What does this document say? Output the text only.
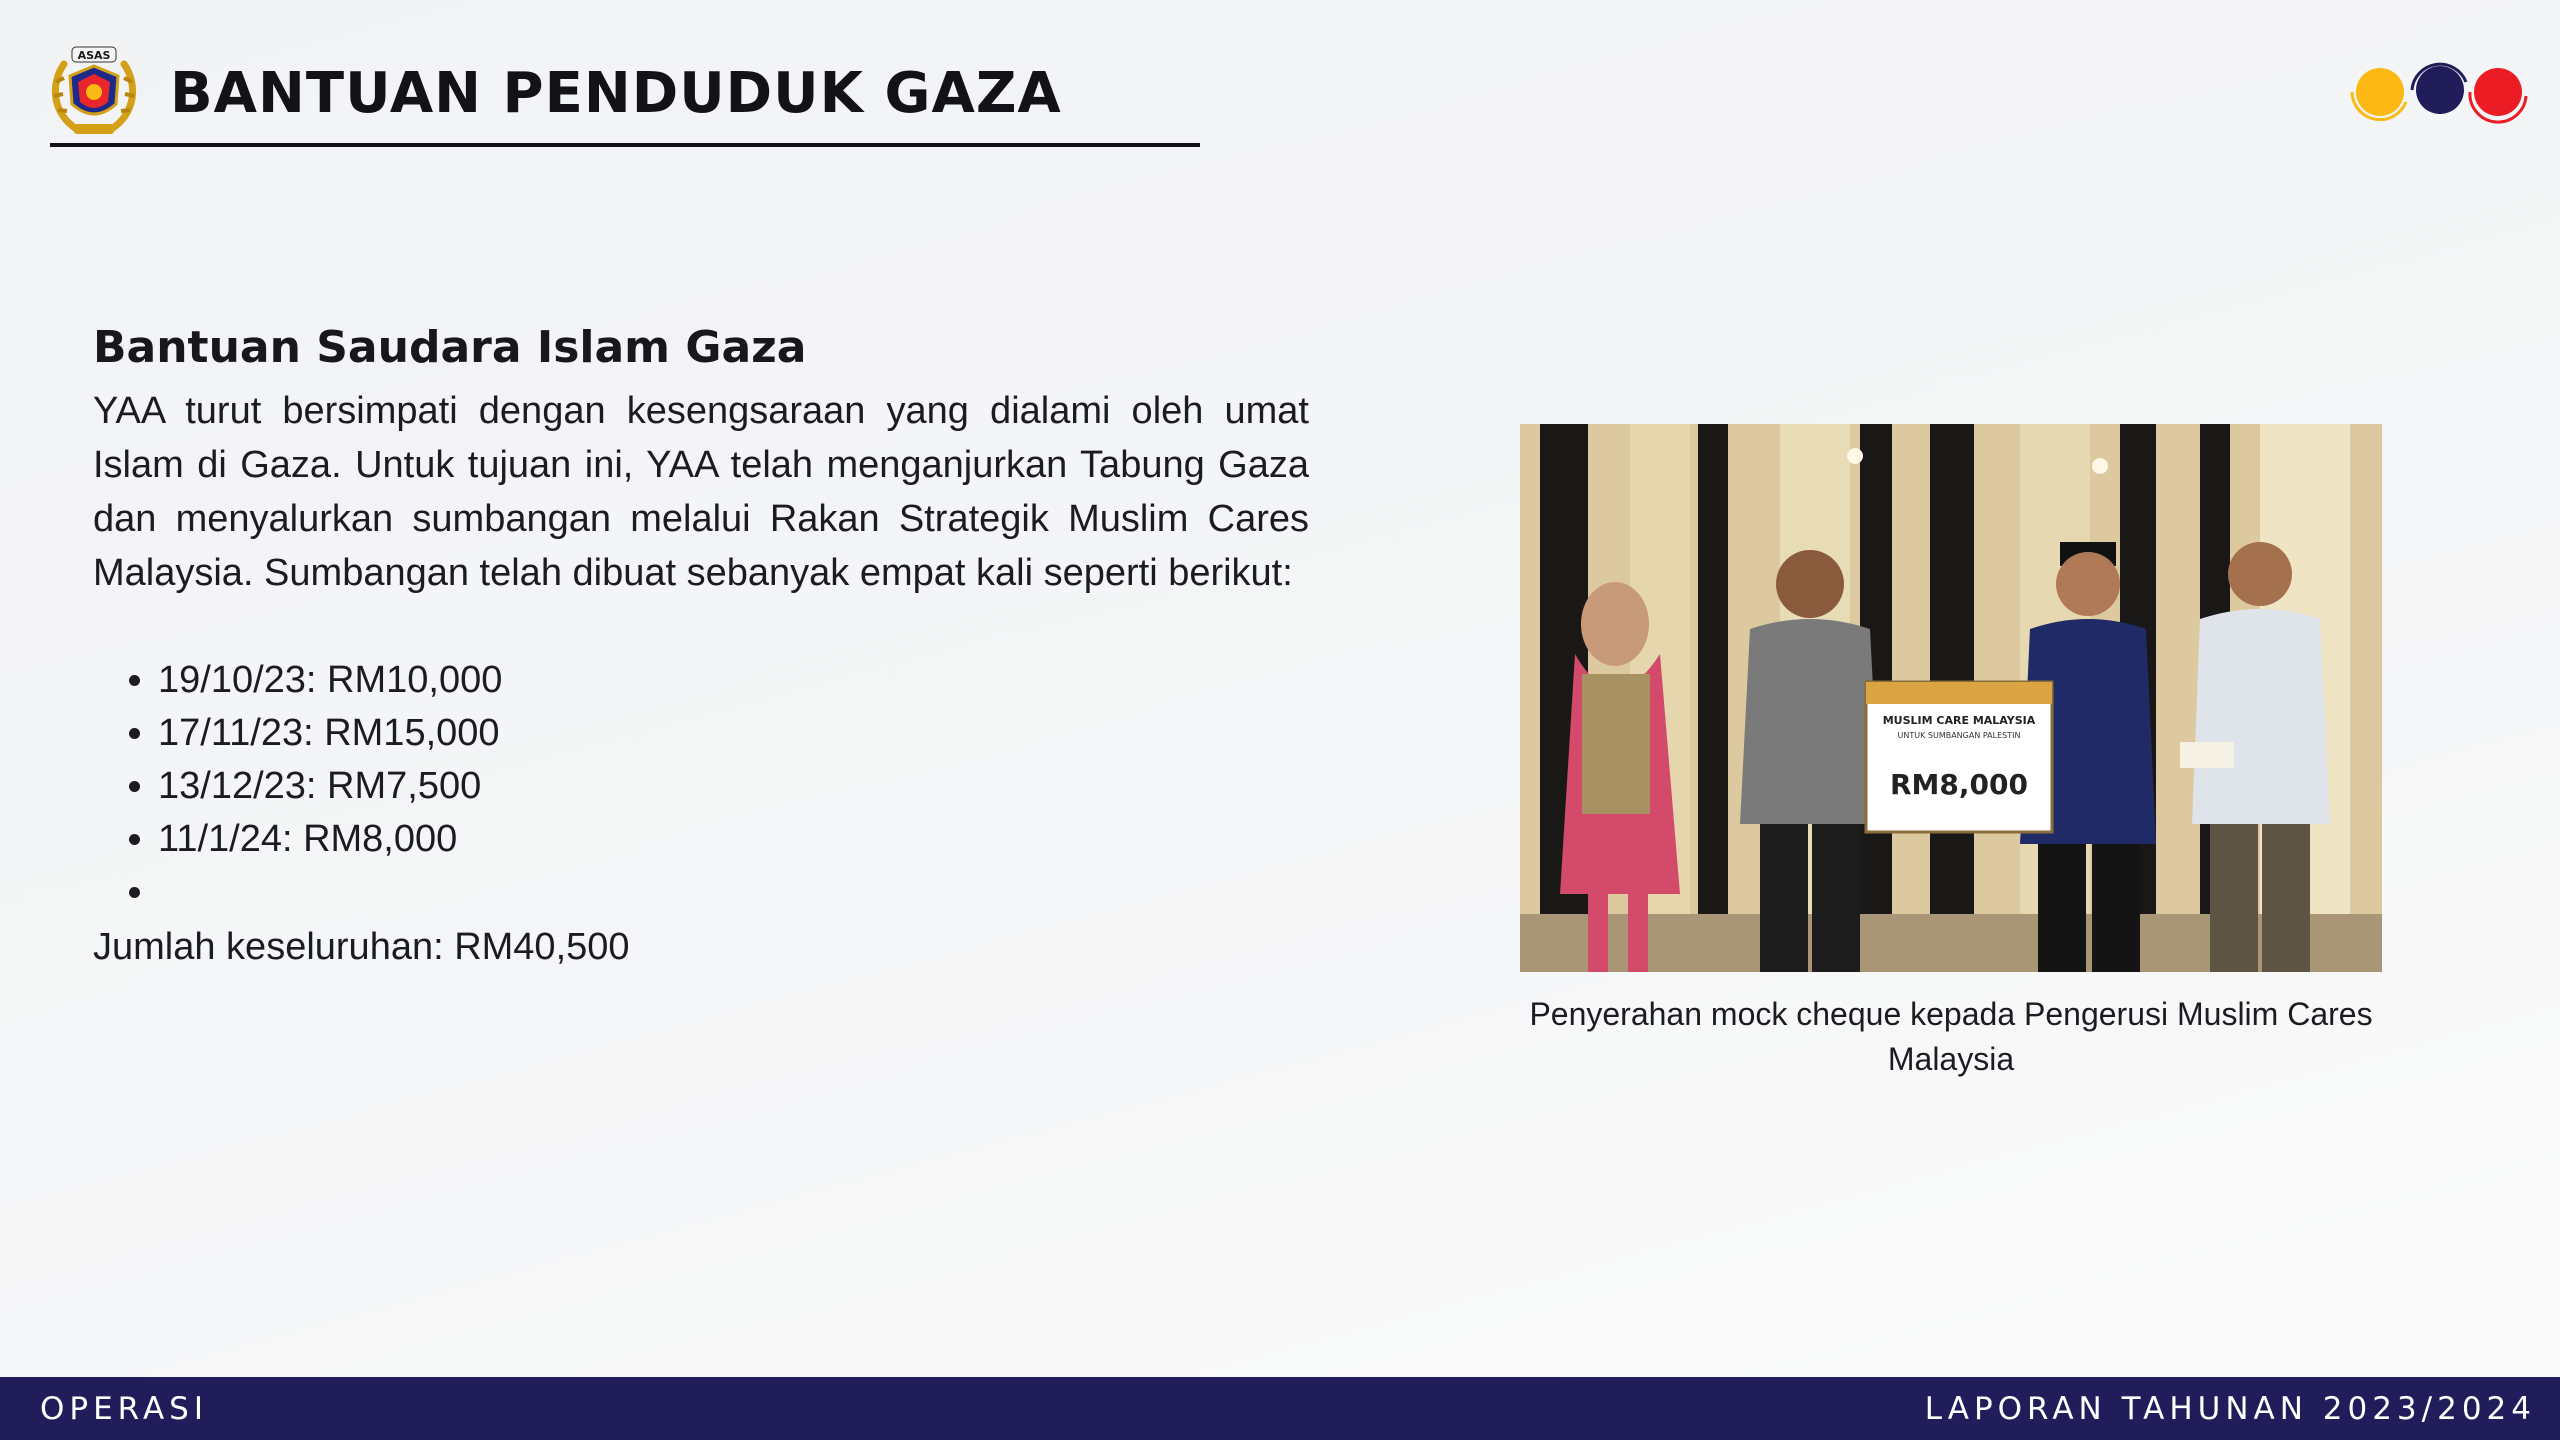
ASAS
BANTUAN PENDUDUK GAZA
Bantuan Saudara Islam Gaza

YAA turut bersimpati dengan kesengsaraan yang dialami oleh umat Islam di Gaza. Untuk tujuan ini, YAA telah menganjurkan Tabung Gaza dan menyalurkan sumbangan melalui Rakan Strategik Muslim Cares Malaysia. Sumbangan telah dibuat sebanyak empat kali seperti berikut:

• 19/10/23: RM10,000
• 17/11/23: RM15,000
• 13/12/23: RM7,500
• 11/1/24: RM8,000
•

Jumlah keseluruhan: RM40,500

MUSLIM CARE MALAYSIA
UNTUK SUMBANGAN PALESTIN
RM8,000

Penyerahan mock cheque kepada Pengerusi Muslim Cares Malaysia

OPERASI	LAPORAN TAHUNAN 2023/2024
